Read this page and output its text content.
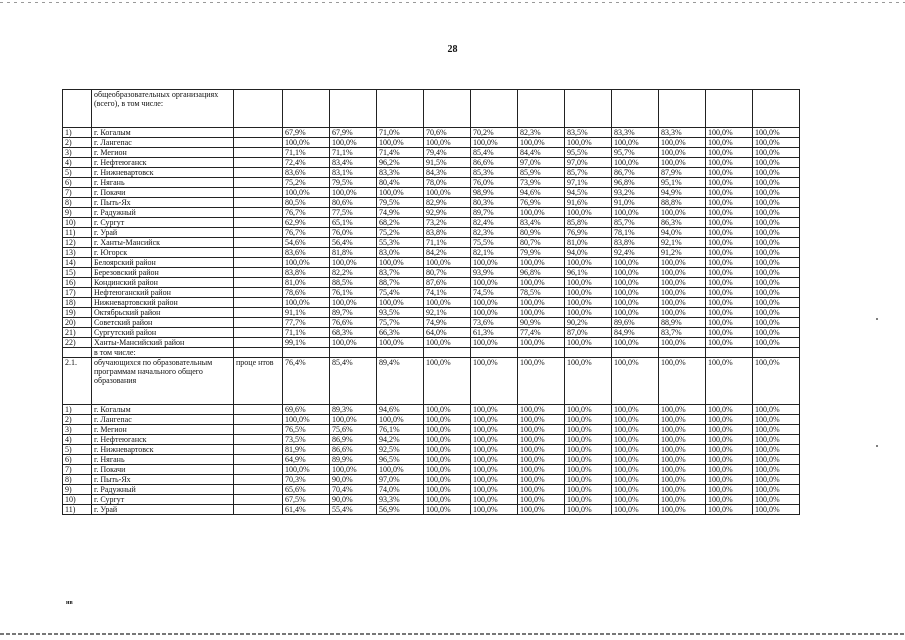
28
	общеобразовательных организациях (всего), в том числе:												
1)	г. Когалым		67,9%	67,9%	71,0%	70,6%	70,2%	82,3%	83,5%	83,3%	83,3%	100,0%	100,0%
2)	г. Лангепас		100,0%	100,0%	100,0%	100,0%	100,0%	100,0%	100,0%	100,0%	100,0%	100,0%	100,0%
3)	г. Мегион		71,1%	71,1%	71,4%	79,4%	85,4%	84,4%	95,5%	95,7%	100,0%	100,0%	100,0%
4)	г. Нефтеюганск		72,4%	83,4%	96,2%	91,5%	86,6%	97,0%	97,0%	100,0%	100,0%	100,0%	100,0%
5)	г. Нижневартовск		83,6%	83,1%	83,3%	84,3%	85,3%	85,9%	85,7%	86,7%	87,9%	100,0%	100,0%
6)	г. Нягань		75,2%	79,5%	80,4%	78,0%	76,0%	73,9%	97,1%	96,8%	95,1%	100,0%	100,0%
7)	г. Покачи		100,0%	100,0%	100,0%	100,0%	98,9%	94,6%	94,5%	93,2%	94,9%	100,0%	100,0%
8)	г. Пыть-Ях		80,5%	80,6%	79,5%	82,9%	80,3%	76,9%	91,6%	91,0%	88,8%	100,0%	100,0%
9)	г. Радужный		76,7%	77,5%	74,9%	92,9%	89,7%	100,0%	100,0%	100,0%	100,0%	100,0%	100,0%
10)	г. Сургут		62,9%	65,1%	68,2%	73,2%	82,4%	83,4%	85,8%	85,7%	86,3%	100,0%	100,0%
11)	г. Урай		76,7%	76,0%	75,2%	83,8%	82,3%	80,9%	76,9%	78,1%	94,0%	100,0%	100,0%
12)	г. Ханты-Мансийск		54,6%	56,4%	55,3%	71,1%	75,5%	80,7%	81,0%	83,8%	92,1%	100,0%	100,0%
13)	г. Югорск		83,6%	81,8%	83,0%	84,2%	82,1%	79,9%	94,0%	92,4%	91,2%	100,0%	100,0%
14)	Белоярский район		100,0%	100,0%	100,0%	100,0%	100,0%	100,0%	100,0%	100,0%	100,0%	100,0%	100,0%
15)	Березовский район		83,8%	82,2%	83,7%	80,7%	93,9%	96,8%	96,1%	100,0%	100,0%	100,0%	100,0%
16)	Кондинский район		81,0%	88,5%	88,7%	87,6%	100,0%	100,0%	100,0%	100,0%	100,0%	100,0%	100,0%
17)	Нефтеюганский район		78,6%	76,1%	75,4%	74,1%	74,5%	78,5%	100,0%	100,0%	100,0%	100,0%	100,0%
18)	Нижневартовский район		100,0%	100,0%	100,0%	100,0%	100,0%	100,0%	100,0%	100,0%	100,0%	100,0%	100,0%
19)	Октябрьский район		91,1%	89,7%	93,5%	92,1%	100,0%	100,0%	100,0%	100,0%	100,0%	100,0%	100,0%
20)	Советский район		77,7%	76,6%	75,7%	74,9%	73,6%	90,9%	90,2%	89,6%	88,9%	100,0%	100,0%
21)	Сургутский район		71,1%	68,3%	66,3%	64,0%	61,3%	77,4%	87,0%	84,9%	83,7%	100,0%	100,0%
22)	Ханты-Мансийский район		99,1%	100,0%	100,0%	100,0%	100,0%	100,0%	100,0%	100,0%	100,0%	100,0%	100,0%
	в том числе:												
2.1.	обучающихся по образовательным программам начального общего образования	проце нтов	76,4%	85,4%	89,4%	100,0%	100,0%	100,0%	100,0%	100,0%	100,0%	100,0%	100,0%
1)	г. Когалым		69,6%	89,3%	94,6%	100,0%	100,0%	100,0%	100,0%	100,0%	100,0%	100,0%	100,0%
2)	г. Лангепас		100,0%	100,0%	100,0%	100,0%	100,0%	100,0%	100,0%	100,0%	100,0%	100,0%	100,0%
3)	г. Мегион		76,5%	75,6%	76,1%	100,0%	100,0%	100,0%	100,0%	100,0%	100,0%	100,0%	100,0%
4)	г. Нефтеюганск		73,5%	86,9%	94,2%	100,0%	100,0%	100,0%	100,0%	100,0%	100,0%	100,0%	100,0%
5)	г. Нижневартовск		81,9%	86,6%	92,5%	100,0%	100,0%	100,0%	100,0%	100,0%	100,0%	100,0%	100,0%
6)	г. Нягань		64,9%	89,9%	96,5%	100,0%	100,0%	100,0%	100,0%	100,0%	100,0%	100,0%	100,0%
7)	г. Покачи		100,0%	100,0%	100,0%	100,0%	100,0%	100,0%	100,0%	100,0%	100,0%	100,0%	100,0%
8)	г. Пыть-Ях		70,3%	90,0%	97,0%	100,0%	100,0%	100,0%	100,0%	100,0%	100,0%	100,0%	100,0%
9)	г. Радужный		65,6%	70,4%	74,0%	100,0%	100,0%	100,0%	100,0%	100,0%	100,0%	100,0%	100,0%
10)	г. Сургут		67,5%	90,0%	93,3%	100,0%	100,0%	100,0%	100,0%	100,0%	100,0%	100,0%	100,0%
11)	г. Урай		61,4%	55,4%	56,9%	100,0%	100,0%	100,0%	100,0%	100,0%	100,0%	100,0%	100,0%
нв
